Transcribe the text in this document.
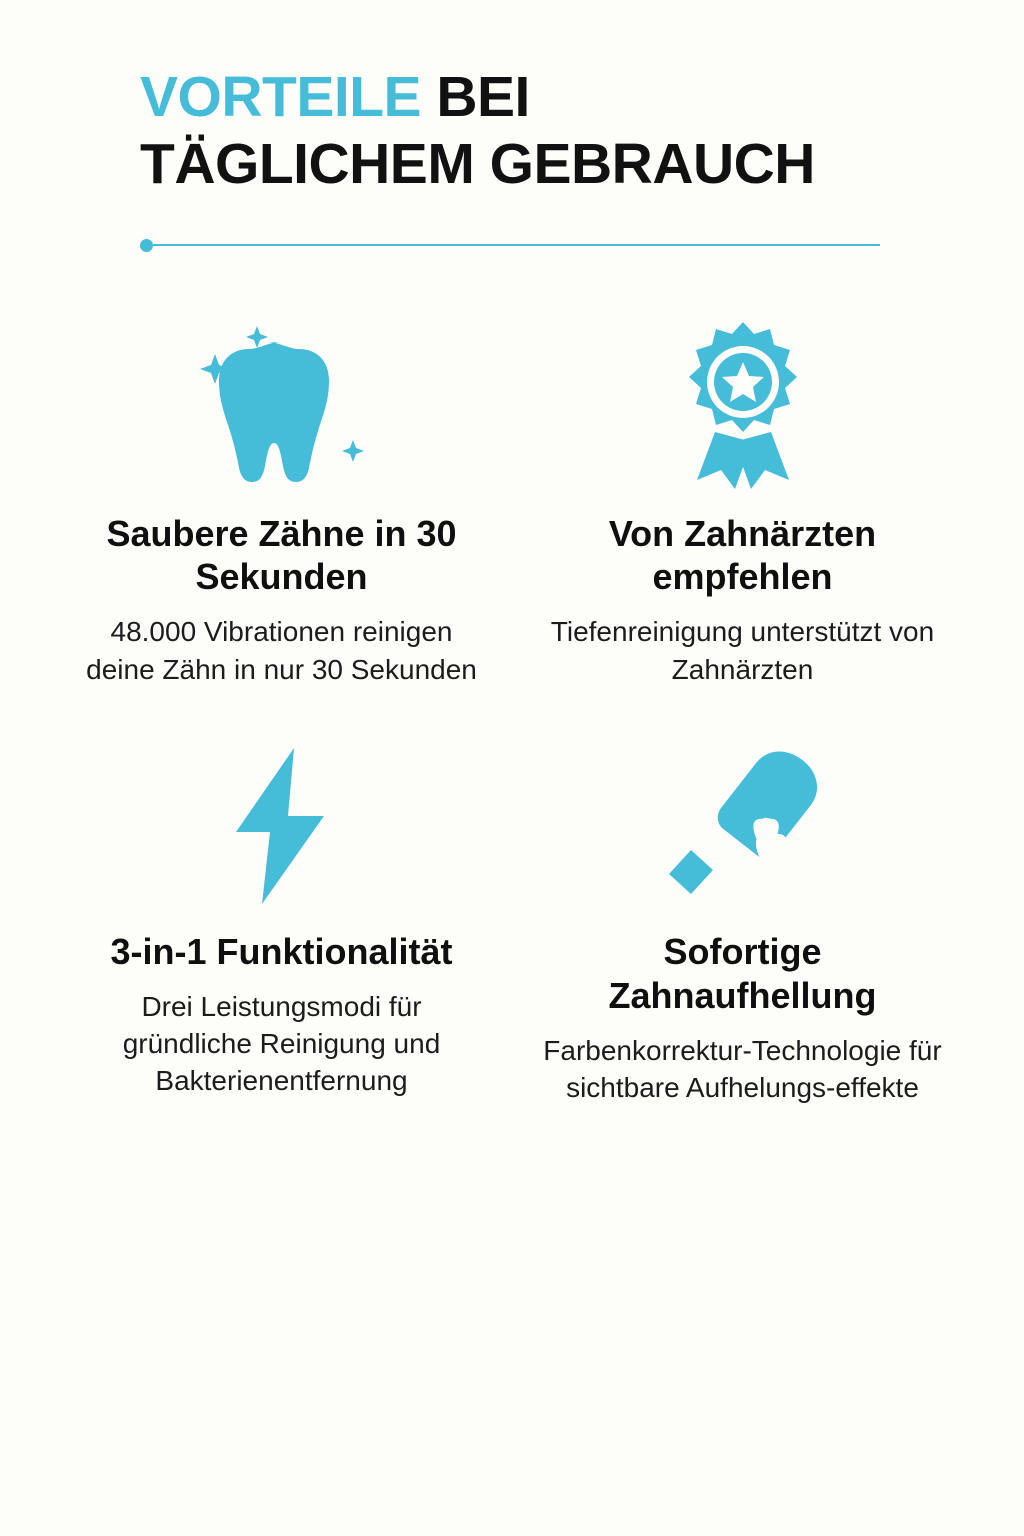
VORTEILE BEI
TÄGLICHEM GEBRAUCH
Saubere Zähne in 30 Sekunden
48.000 Vibrationen reinigen deine Zähn in nur 30 Sekunden
Von Zahnärzten empfehlen
Tiefenreinigung unterstützt von Zahnärzten
3-in-1 Funktionalität
Drei Leistungsmodi für gründliche Reinigung und Bakterienentfernung
Sofortige Zahnaufhellung
Farbenkorrektur-Technologie für sichtbare Aufhelungs-effekte
